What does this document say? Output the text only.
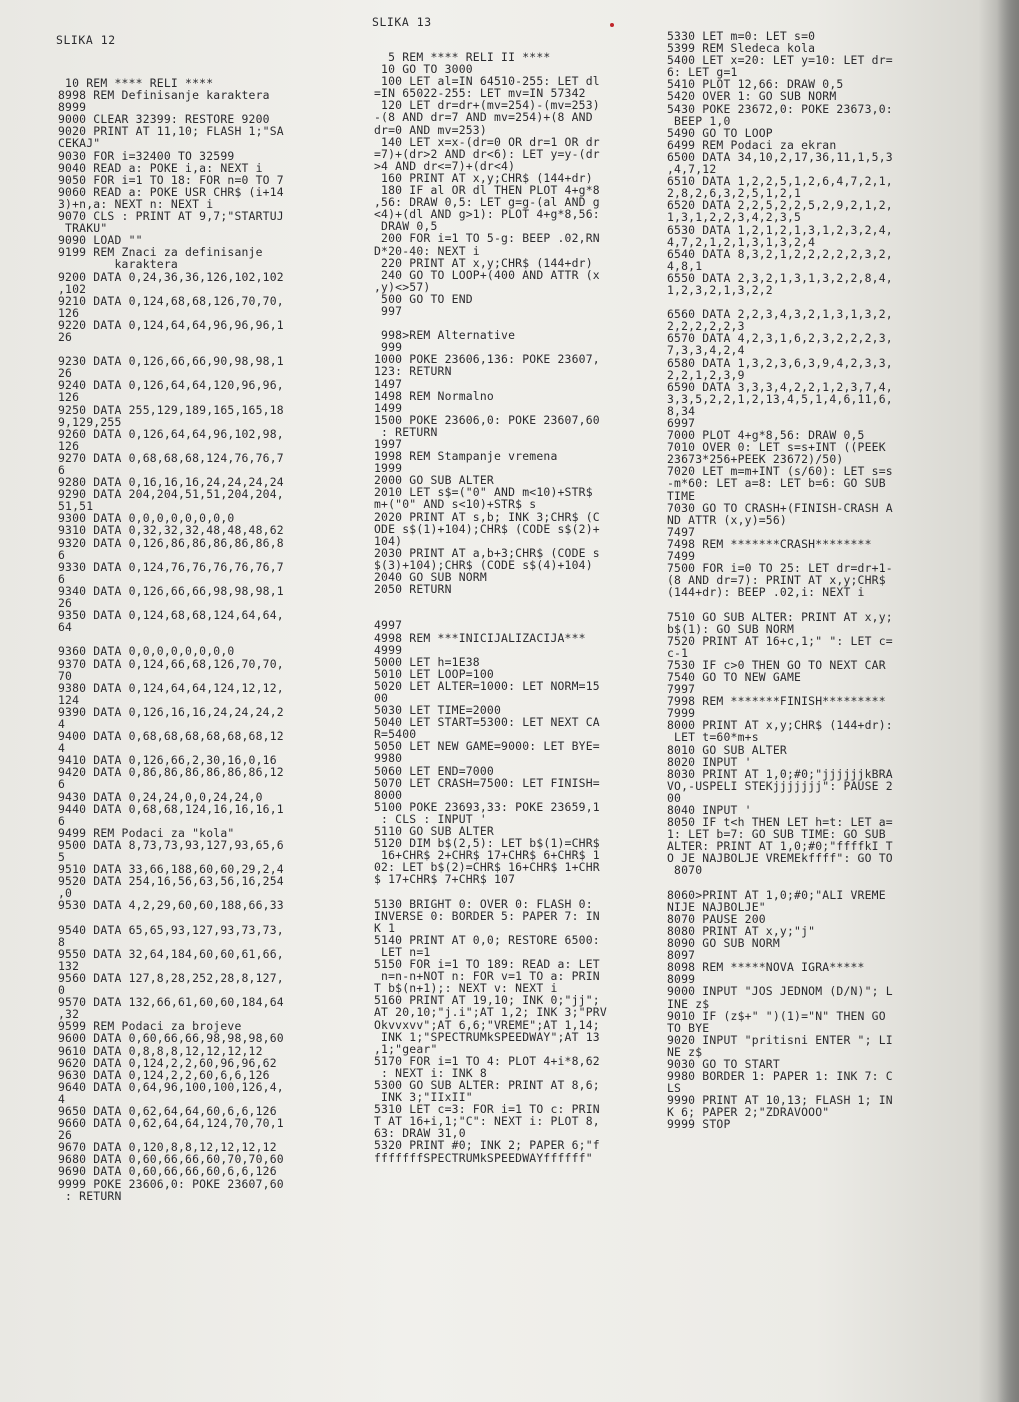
SLIKA 12
SLIKA 13
10 REM **** RELI ****
8998 REM Definisanje karaktera
8999
9000 CLEAR 32399: RESTORE 9200
9020 PRINT AT 11,10; FLASH 1;"SA
CEKAJ"
9030 FOR i=32400 TO 32599
9040 READ a: POKE i,a: NEXT i
9050 FOR i=1 TO 18: FOR n=0 TO 7
9060 READ a: POKE USR CHR$ (i+14
3)+n,a: NEXT n: NEXT i
9070 CLS : PRINT AT 9,7;"STARTUJ
TRAKU"
9090 LOAD ""
9199 REM Znaci za definisanje
karaktera
9200 DATA 0,24,36,36,126,102,102
,102
9210 DATA 0,124,68,68,126,70,70,
126
9220 DATA 0,124,64,64,96,96,96,1
26

9230 DATA 0,126,66,66,90,98,98,1
26
9240 DATA 0,126,64,64,120,96,96,
126
9250 DATA 255,129,189,165,165,18
9,129,255
9260 DATA 0,126,64,64,96,102,98,
126
9270 DATA 0,68,68,68,124,76,76,7
6
9280 DATA 0,16,16,16,24,24,24,24
9290 DATA 204,204,51,51,204,204,
51,51
9300 DATA 0,0,0,0,0,0,0,0
9310 DATA 0,32,32,32,48,48,48,62
9320 DATA 0,126,86,86,86,86,86,8
6
9330 DATA 0,124,76,76,76,76,76,7
6
9340 DATA 0,126,66,66,98,98,98,1
26
9350 DATA 0,124,68,68,124,64,64,
64

9360 DATA 0,0,0,0,0,0,0,0
9370 DATA 0,124,66,68,126,70,70,
70
9380 DATA 0,124,64,64,124,12,12,
124
9390 DATA 0,126,16,16,24,24,24,2
4
9400 DATA 0,68,68,68,68,68,68,12
4
9410 DATA 0,126,66,2,30,16,0,16
9420 DATA 0,86,86,86,86,86,86,12
6
9430 DATA 0,24,24,0,0,24,24,0
9440 DATA 0,68,68,124,16,16,16,1
6
9499 REM Podaci za "kola"
9500 DATA 8,73,73,93,127,93,65,6
5
9510 DATA 33,66,188,60,60,29,2,4
9520 DATA 254,16,56,63,56,16,254
,0
9530 DATA 4,2,29,60,60,188,66,33

9540 DATA 65,65,93,127,93,73,73,
8
9550 DATA 32,64,184,60,60,61,66,
132
9560 DATA 127,8,28,252,28,8,127,
0
9570 DATA 132,66,61,60,60,184,64
,32
9599 REM Podaci za brojeve
9600 DATA 0,60,66,66,98,98,98,60
9610 DATA 0,8,8,8,12,12,12,12
9620 DATA 0,124,2,2,60,96,96,62
9630 DATA 0,124,2,2,60,6,6,126
9640 DATA 0,64,96,100,100,126,4,
4
9650 DATA 0,62,64,64,60,6,6,126
9660 DATA 0,62,64,64,124,70,70,1
26
9670 DATA 0,120,8,8,12,12,12,12
9680 DATA 0,60,66,66,60,70,70,60
9690 DATA 0,60,66,66,60,6,6,126
9999 POKE 23606,0: POKE 23607,60
: RETURN
5 REM **** RELI II ****
10 GO TO 3000
100 LET al=IN 64510-255: LET dl
=IN 65022-255: LET mv=IN 57342
120 LET dr=dr+(mv=254)-(mv=253)
-(8 AND dr=7 AND mv=254)+(8 AND
dr=0 AND mv=253)
140 LET x=x-(dr=0 OR dr=1 OR dr
=7)+(dr>2 AND dr<6): LET y=y-(dr
>4 AND dr<=7)+(dr<4)
160 PRINT AT x,y;CHR$ (144+dr)
180 IF al OR dl THEN PLOT 4+g*8
,56: DRAW 0,5: LET g=g-(al AND g
<4)+(dl AND g>1): PLOT 4+g*8,56:
DRAW 0,5
200 FOR i=1 TO 5-g: BEEP .02,RN
D*20-40: NEXT i
220 PRINT AT x,y;CHR$ (144+dr)
240 GO TO LOOP+(400 AND ATTR (x
,y)<>57)
500 GO TO END
997

998>REM Alternative
999
1000 POKE 23606,136: POKE 23607,
123: RETURN
1497
1498 REM Normalno
1499
1500 POKE 23606,0: POKE 23607,60
: RETURN
1997
1998 REM Stampanje vremena
1999
2000 GO SUB ALTER
2010 LET s$=("0" AND m<10)+STR$
m+("0" AND s<10)+STR$ s
2020 PRINT AT s,b; INK 3;CHR$ (C
ODE s$(1)+104);CHR$ (CODE s$(2)+
104)
2030 PRINT AT a,b+3;CHR$ (CODE s
$(3)+104);CHR$ (CODE s$(4)+104)
2040 GO SUB NORM
2050 RETURN

4997
4998 REM ***INICIJALIZACIJA***
4999
5000 LET h=1E38
5010 LET LOOP=100
5020 LET ALTER=1000: LET NORM=15
00
5030 LET TIME=2000
5040 LET START=5300: LET NEXT CA
R=5400
5050 LET NEW GAME=9000: LET BYE=
9980
5060 LET END=7000
5070 LET CRASH=7500: LET FINISH=
8000
5100 POKE 23693,33: POKE 23659,1
: CLS : INPUT '
5110 GO SUB ALTER
5120 DIM b$(2,5): LET b$(1)=CHR$
16+CHR$ 2+CHR$ 17+CHR$ 6+CHR$ 1
02: LET b$(2)=CHR$ 16+CHR$ 1+CHR
$ 17+CHR$ 7+CHR$ 107

5130 BRIGHT 0: OVER 0: FLASH 0:
INVERSE 0: BORDER 5: PAPER 7: IN
K 1
5140 PRINT AT 0,0; RESTORE 6500:
LET n=1
5150 FOR i=1 TO 189: READ a: LET
n=n-n+NOT n: FOR v=1 TO a: PRIN
T b$(n+1);: NEXT v: NEXT i
5160 PRINT AT 19,10; INK 0;"jj";
AT 20,10;"j.i";AT 1,2; INK 3;"PRV
Okvvxvv";AT 6,6;"VREME";AT 1,14;
INK 1;"SPECTRUMkSPEEDWAY";AT 13
,1;"gear"
5170 FOR i=1 TO 4: PLOT 4+i*8,62
: NEXT i: INK 8
5300 GO SUB ALTER: PRINT AT 8,6;
INK 3;"IIxII"
5310 LET c=3: FOR i=1 TO c: PRIN
T AT 16+i,1;"C": NEXT i: PLOT 8,
63: DRAW 31,0
5320 PRINT #0; INK 2; PAPER 6;"f
fffffffSPECTRUMkSPEEDWAYffffff"
5330 LET m=0: LET s=0
5399 REM Sledeca kola
5400 LET x=20: LET y=10: LET dr=
6: LET g=1
5410 PLOT 12,66: DRAW 0,5
5420 OVER 1: GO SUB NORM
5430 POKE 23672,0: POKE 23673,0:
BEEP 1,0
5490 GO TO LOOP
6499 REM Podaci za ekran
6500 DATA 34,10,2,17,36,11,1,5,3
,4,7,12
6510 DATA 1,2,2,5,1,2,6,4,7,2,1,
2,8,2,6,3,2,5,1,2,1
6520 DATA 2,2,5,2,2,5,2,9,2,1,2,
1,3,1,2,2,3,4,2,3,5
6530 DATA 1,2,1,2,1,3,1,2,3,2,4,
4,7,2,1,2,1,3,1,3,2,4
6540 DATA 8,3,2,1,2,2,2,2,2,3,2,
4,8,1
6550 DATA 2,3,2,1,3,1,3,2,2,8,4,
1,2,3,2,1,3,2,2

6560 DATA 2,2,3,4,3,2,1,3,1,3,2,
2,2,2,2,2,3
6570 DATA 4,2,3,1,6,2,3,2,2,2,3,
7,3,3,4,2,4
6580 DATA 1,3,2,3,6,3,9,4,2,3,3,
2,2,1,2,3,9
6590 DATA 3,3,3,4,2,2,1,2,3,7,4,
3,3,5,2,2,1,2,13,4,5,1,4,6,11,6,
8,34
6997
7000 PLOT 4+g*8,56: DRAW 0,5
7010 OVER 0: LET s=s+INT ((PEEK
23673*256+PEEK 23672)/50)
7020 LET m=m+INT (s/60): LET s=s
-m*60: LET a=8: LET b=6: GO SUB
TIME
7030 GO TO CRASH+(FINISH-CRASH A
ND ATTR (x,y)=56)
7497
7498 REM *******CRASH********
7499
7500 FOR i=0 TO 25: LET dr=dr+1-
(8 AND dr=7): PRINT AT x,y;CHR$
(144+dr): BEEP .02,i: NEXT i

7510 GO SUB ALTER: PRINT AT x,y;
b$(1): GO SUB NORM
7520 PRINT AT 16+c,1;" ": LET c=
c-1
7530 IF c>0 THEN GO TO NEXT CAR
7540 GO TO NEW GAME
7997
7998 REM *******FINISH*********
7999
8000 PRINT AT x,y;CHR$ (144+dr):
LET t=60*m+s
8010 GO SUB ALTER
8020 INPUT '
8030 PRINT AT 1,0;#0;"jjjjjjkBRA
VO,-USPELI STEKjjjjjjj": PAUSE 2
00
8040 INPUT '
8050 IF t<h THEN LET h=t: LET a=
1: LET b=7: GO SUB TIME: GO SUB
ALTER: PRINT AT 1,0;#0;"ffffkI T
O JE NAJBOLJE VREMEkffff": GO TO
8070

8060>PRINT AT 1,0;#0;"ALI VREME
NIJE NAJBOLJE"
8070 PAUSE 200
8080 PRINT AT x,y;"j"
8090 GO SUB NORM
8097
8098 REM *****NOVA IGRA*****
8099
9000 INPUT "JOS JEDNOM (D/N)"; L
INE z$
9010 IF (z$+" ")(1)="N" THEN GO
TO BYE
9020 INPUT "pritisni ENTER "; LI
NE z$
9030 GO TO START
9980 BORDER 1: PAPER 1: INK 7: C
LS
9990 PRINT AT 10,13; FLASH 1; IN
K 6; PAPER 2;"ZDRAVOOO"
9999 STOP
